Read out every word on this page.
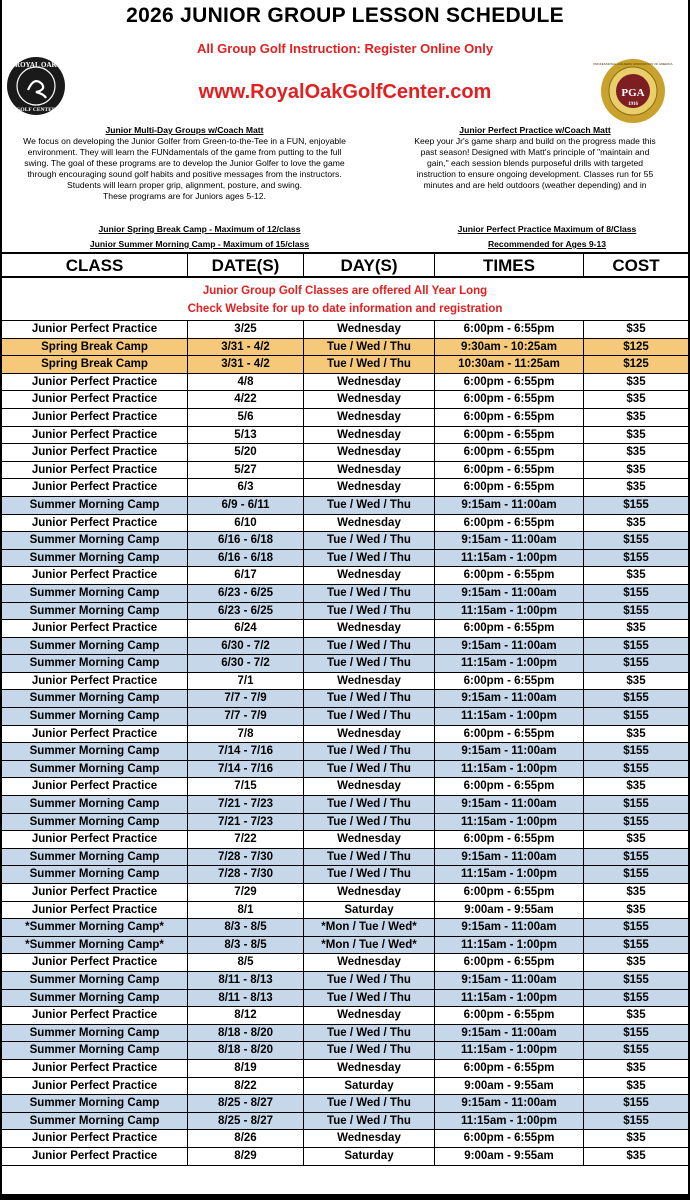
2026 JUNIOR GROUP LESSON SCHEDULE
All Group Golf Instruction: Register Online Only
ROYAL OAK
GOLF CENTER
www.RoyalOakGolfCenter.com	PGA
1916
PROFESSIONAL GOLFERS' ASSOCIATION OF AMERICA

Junior Multi-Day Groups w/Coach Matt

We focus on developing the Junior Golfer from Green-to-the-Tee in a FUN, enjoyable

environment. They will learn the FUNdamentals of the game from putting to the full

swing. The goal of these programs are to develop the Junior Golfer to love the game

through encouraging sound golf habits and positive messages from the instructors.

Students will learn proper grip, alignment, posture, and swing.

These programs are for Juniors ages 5-12.

Junior Spring Break Camp - Maximum of 12/class
Junior Summer Morning Camp - Maximum of 15/class

Junior Perfect Practice w/Coach Matt

Keep your Jr's game sharp and build on the progress made this

past season! Designed with Matt's principle of "maintain and

gain," each session blends purposeful drills with targeted

instruction to ensure ongoing development. Classes run for 55

minutes and are held outdoors (weather depending) and in

Junior Perfect Practice Maximum of 8/Class
Recommended for Ages 9-13
CLASS	DATE(S)	DAY(S)	TIMES	COST
Junior Group Golf Classes are offered All Year Long
Check Website for up to date information and registration
Junior Perfect Practice	3/25	Wednesday	6:00pm - 6:55pm	$35
Spring Break Camp	3/31 - 4/2	Tue / Wed / Thu	9:30am - 10:25am	$125
Spring Break Camp	3/31 - 4/2	Tue / Wed / Thu	10:30am - 11:25am	$125
Junior Perfect Practice	4/8	Wednesday	6:00pm - 6:55pm	$35
Junior Perfect Practice	4/22	Wednesday	6:00pm - 6:55pm	$35
Junior Perfect Practice	5/6	Wednesday	6:00pm - 6:55pm	$35
Junior Perfect Practice	5/13	Wednesday	6:00pm - 6:55pm	$35
Junior Perfect Practice	5/20	Wednesday	6:00pm - 6:55pm	$35
Junior Perfect Practice	5/27	Wednesday	6:00pm - 6:55pm	$35
Junior Perfect Practice	6/3	Wednesday	6:00pm - 6:55pm	$35
Summer Morning Camp	6/9 - 6/11	Tue / Wed / Thu	9:15am - 11:00am	$155
Junior Perfect Practice	6/10	Wednesday	6:00pm - 6:55pm	$35
Summer Morning Camp	6/16 - 6/18	Tue / Wed / Thu	9:15am - 11:00am	$155
Summer Morning Camp	6/16 - 6/18	Tue / Wed / Thu	11:15am - 1:00pm	$155
Junior Perfect Practice	6/17	Wednesday	6:00pm - 6:55pm	$35
Summer Morning Camp	6/23 - 6/25	Tue / Wed / Thu	9:15am - 11:00am	$155
Summer Morning Camp	6/23 - 6/25	Tue / Wed / Thu	11:15am - 1:00pm	$155
Junior Perfect Practice	6/24	Wednesday	6:00pm - 6:55pm	$35
Summer Morning Camp	6/30 - 7/2	Tue / Wed / Thu	9:15am - 11:00am	$155
Summer Morning Camp	6/30 - 7/2	Tue / Wed / Thu	11:15am - 1:00pm	$155
Junior Perfect Practice	7/1	Wednesday	6:00pm - 6:55pm	$35
Summer Morning Camp	7/7 - 7/9	Tue / Wed / Thu	9:15am - 11:00am	$155
Summer Morning Camp	7/7 - 7/9	Tue / Wed / Thu	11:15am - 1:00pm	$155
Junior Perfect Practice	7/8	Wednesday	6:00pm - 6:55pm	$35
Summer Morning Camp	7/14 - 7/16	Tue / Wed / Thu	9:15am - 11:00am	$155
Summer Morning Camp	7/14 - 7/16	Tue / Wed / Thu	11:15am - 1:00pm	$155
Junior Perfect Practice	7/15	Wednesday	6:00pm - 6:55pm	$35
Summer Morning Camp	7/21 - 7/23	Tue / Wed / Thu	9:15am - 11:00am	$155
Summer Morning Camp	7/21 - 7/23	Tue / Wed / Thu	11:15am - 1:00pm	$155
Junior Perfect Practice	7/22	Wednesday	6:00pm - 6:55pm	$35
Summer Morning Camp	7/28 - 7/30	Tue / Wed / Thu	9:15am - 11:00am	$155
Summer Morning Camp	7/28 - 7/30	Tue / Wed / Thu	11:15am - 1:00pm	$155
Junior Perfect Practice	7/29	Wednesday	6:00pm - 6:55pm	$35
Junior Perfect Practice	8/1	Saturday	9:00am - 9:55am	$35
*Summer Morning Camp*	8/3 - 8/5	*Mon / Tue / Wed*	9:15am - 11:00am	$155
*Summer Morning Camp*	8/3 - 8/5	*Mon / Tue / Wed*	11:15am - 1:00pm	$155
Junior Perfect Practice	8/5	Wednesday	6:00pm - 6:55pm	$35
Summer Morning Camp	8/11 - 8/13	Tue / Wed / Thu	9:15am - 11:00am	$155
Summer Morning Camp	8/11 - 8/13	Tue / Wed / Thu	11:15am - 1:00pm	$155
Junior Perfect Practice	8/12	Wednesday	6:00pm - 6:55pm	$35
Summer Morning Camp	8/18 - 8/20	Tue / Wed / Thu	9:15am - 11:00am	$155
Summer Morning Camp	8/18 - 8/20	Tue / Wed / Thu	11:15am - 1:00pm	$155
Junior Perfect Practice	8/19	Wednesday	6:00pm - 6:55pm	$35
Junior Perfect Practice	8/22	Saturday	9:00am - 9:55am	$35
Summer Morning Camp	8/25 - 8/27	Tue / Wed / Thu	9:15am - 11:00am	$155
Summer Morning Camp	8/25 - 8/27	Tue / Wed / Thu	11:15am - 1:00pm	$155
Junior Perfect Practice	8/26	Wednesday	6:00pm - 6:55pm	$35
Junior Perfect Practice	8/29	Saturday	9:00am - 9:55am	$35
